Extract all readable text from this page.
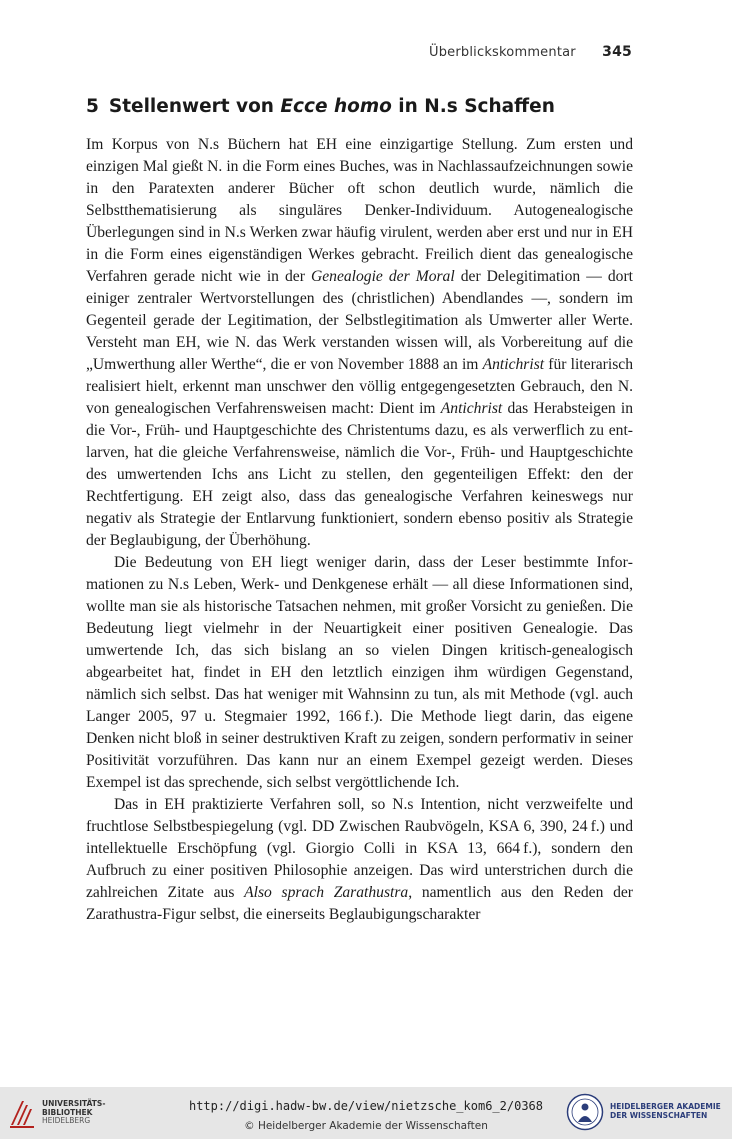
Überblickskommentar 345
5 Stellenwert von Ecce homo in N.s Schaffen

Im Korpus von N.s Büchern hat EH eine einzigartige Stellung. Zum ersten und einzigen Mal gießt N. in die Form eines Buches, was in Nachlassaufzeichnungen sowie in den Paratexten anderer Bücher oft schon deutlich wurde, nämlich die Selbstthematisierung als singuläres Denker-Individuum. Autogenealogische Überlegungen sind in N.s Werken zwar häufig virulent, werden aber erst und nur in EH in die Form eines eigenständigen Werkes gebracht. Freilich dient das genealogische Verfahren gerade nicht wie in der Genealogie der Moral der Delegitimation — dort einiger zentraler Wertvorstellungen des (christlichen) Abendlandes —, sondern im Gegenteil gerade der Legitimation, der Selbstlegitimation als Umwerter aller Werte. Versteht man EH, wie N. das Werk verstanden wissen will, als Vorbereitung auf die „Umwerthung aller Werthe“, die er von November 1888 an im Antichrist für literarisch realisiert hielt, erkennt man unschwer den völlig entgegengesetzten Gebrauch, den N. von genealogischen Verfahrensweisen macht: Dient im Antichrist das Herabsteigen in die Vor-, Früh- und Hauptgeschichte des Christentums dazu, es als verwerflich zu entlarven, hat die gleiche Verfahrensweise, nämlich die Vor-, Früh- und Hauptgeschichte des umwertenden Ichs ans Licht zu stellen, den gegenteiligen Effekt: den der Rechtfertigung. EH zeigt also, dass das genealogische Verfahren keineswegs nur negativ als Strategie der Entlarvung funktioniert, sondern ebenso positiv als Strategie der Beglaubigung, der Überhöhung.

Die Bedeutung von EH liegt weniger darin, dass der Leser bestimmte Informationen zu N.s Leben, Werk- und Denkgenese erhält — all diese Informationen sind, wollte man sie als historische Tatsachen nehmen, mit großer Vorsicht zu genießen. Die Bedeutung liegt vielmehr in der Neuartigkeit einer positiven Genealogie. Das umwertende Ich, das sich bislang an so vielen Dingen kritisch-genealogisch abgearbeitet hat, findet in EH den letztlich einzigen ihm würdigen Gegenstand, nämlich sich selbst. Das hat weniger mit Wahnsinn zu tun, als mit Methode (vgl. auch Langer 2005, 97 u. Stegmaier 1992, 166 f.). Die Methode liegt darin, das eigene Denken nicht bloß in seiner destruktiven Kraft zu zeigen, sondern performativ in seiner Positivität vorzuführen. Das kann nur an einem Exempel gezeigt werden. Dieses Exempel ist das sprechende, sich selbst vergöttlichende Ich.

Das in EH praktizierte Verfahren soll, so N.s Intention, nicht verzweifelte und fruchtlose Selbstbespiegelung (vgl. DD Zwischen Raubvögeln, KSA 6, 390, 24 f.) und intellektuelle Erschöpfung (vgl. Giorgio Colli in KSA 13, 664 f.), sondern den Aufbruch zu einer positiven Philosophie anzeigen. Das wird unterstrichen durch die zahlreichen Zitate aus Also sprach Zarathustra, namentlich aus den Reden der Zarathustra-Figur selbst, die einerseits Beglaubigungscharakter

UNIVERSITÄTS-
BIBLIOTHEK
HEIDELBERG
http://digi.hadw-bw.de/view/nietzsche_kom6_2/0368
© Heidelberger Akademie der Wissenschaften
HEIDELBERGER AKADEMIE
DER WISSENSCHAFTEN
